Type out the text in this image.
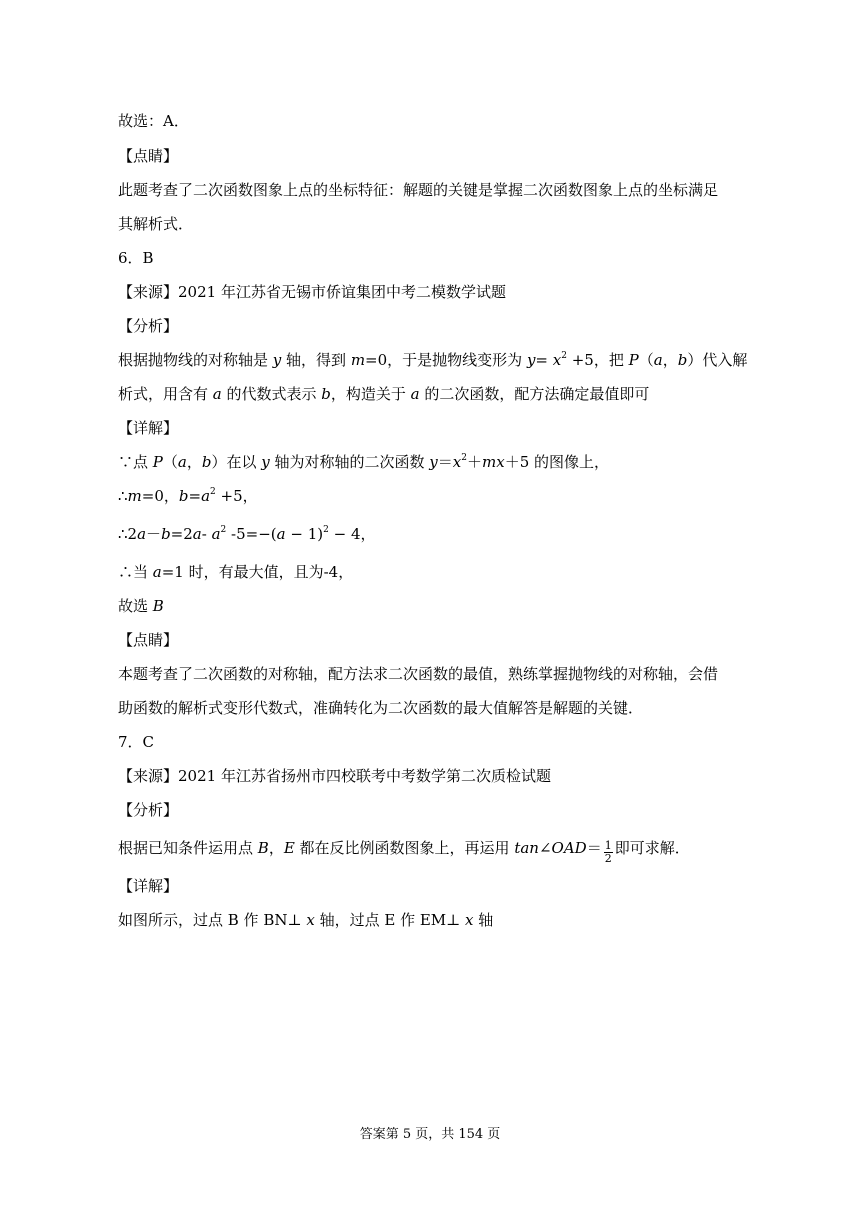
故选：A．
【点睛】
此题考查了二次函数图象上点的坐标特征：解题的关键是掌握二次函数图象上点的坐标满足
其解析式．
6．B
【来源】2021 年江苏省无锡市侨谊集团中考二模数学试题
【分析】
根据抛物线的对称轴是 y 轴，得到 m=0，于是抛物线变形为 $y= x^2 +5$，把 P（a，b）代入解
析式，用含有 a 的代数式表示 b，构造关于 a 的二次函数，配方法确定最值即可
【详解】
∵点 P（a，b）在以 y 轴为对称轴的二次函数 $y=x^2+mx+5$ 的图像上，
∴m=0，$b=a^2 +5$，
∴2a－b=2a- $a^2$ $-5=-(a - 1)^2 - 4$，
∴当 a=1 时，有最大值，且为-4，
故选 B
【点睛】
本题考查了二次函数的对称轴，配方法求二次函数的最值，熟练掌握抛物线的对称轴，会借
助函数的解析式变形代数式，准确转化为二次函数的最大值解答是解题的关键．
7．C
【来源】2021 年江苏省扬州市四校联考中考数学第二次质检试题
【分析】
根据已知条件运用点 B，E 都在反比例函数图象上，再运用 tan∠OAD＝ $\frac{1}{2}$ 即可求解．
【详解】
如图所示，过点 B 作 BN⊥ x 轴，过点 E 作 EM⊥ x 轴
答案第 5 页，共 154 页
